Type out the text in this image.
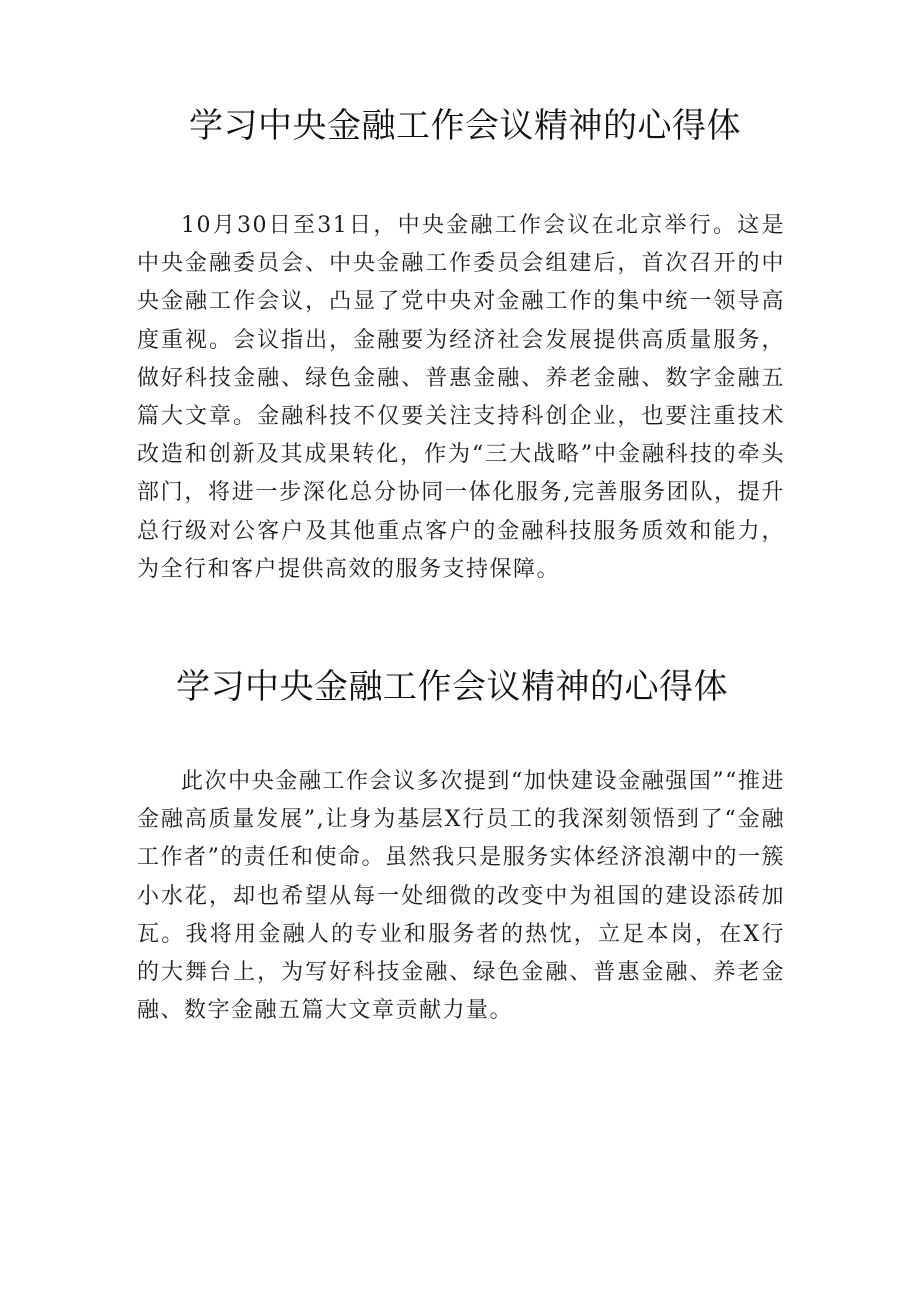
学习中央金融工作会议精神的心得体

10月30日至31日，中央金融工作会议在北京举行。这是中央金融委员会、中央金融工作委员会组建后，首次召开的中央金融工作会议，凸显了党中央对金融工作的集中统一领导高度重视。会议指出，金融要为经济社会发展提供高质量服务，做好科技金融、绿色金融、普惠金融、养老金融、数字金融五篇大文章。金融科技不仅要关注支持科创企业，也要注重技术改造和创新及其成果转化，作为“三大战略”中金融科技的牵头部门，将进一步深化总分协同一体化服务,完善服务团队，提升总行级对公客户及其他重点客户的金融科技服务质效和能力，为全行和客户提供高效的服务支持保障。

学习中央金融工作会议精神的心得体

此次中央金融工作会议多次提到“加快建设金融强国”“推进金融高质量发展”,让身为基层X行员工的我深刻领悟到了“金融工作者”的责任和使命。虽然我只是服务实体经济浪潮中的一簇小水花，却也希望从每一处细微的改变中为祖国的建设添砖加瓦。我将用金融人的专业和服务者的热忱，立足本岗，在X行的大舞台上，为写好科技金融、绿色金融、普惠金融、养老金融、数字金融五篇大文章贡献力量。
